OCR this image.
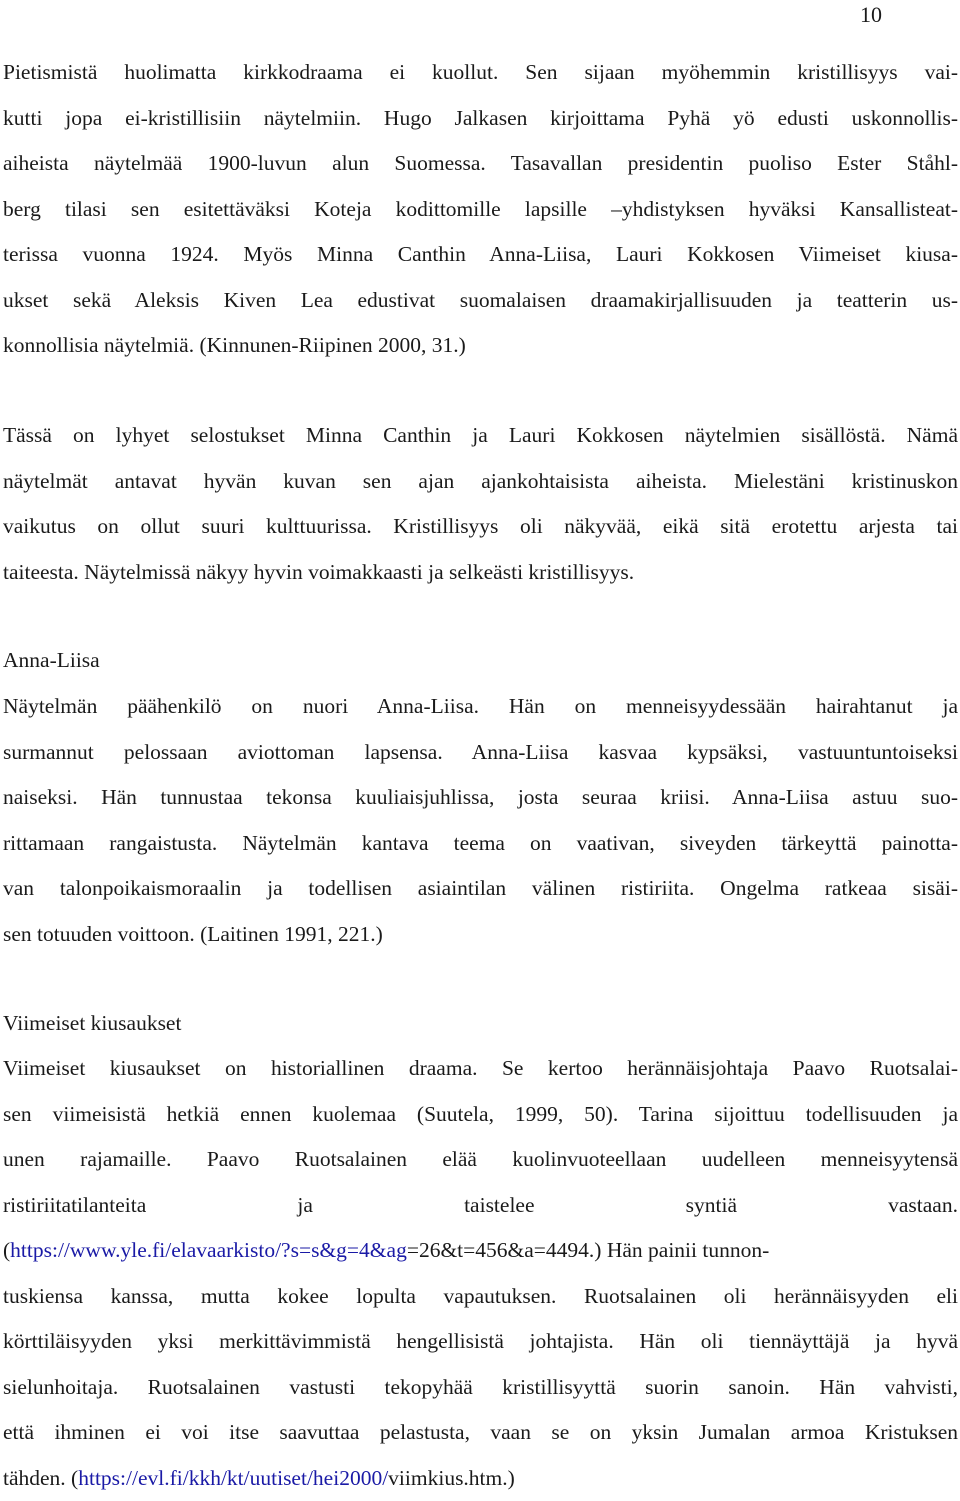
10
Pietismistä huolimatta kirkkodraama ei kuollut. Sen sijaan myöhemmin kristillisyys vai-
kutti jopa ei-kristillisiin näytelmiin. Hugo Jalkasen kirjoittama Pyhä yö edusti uskonnollis-
aiheista näytelmää 1900-luvun alun Suomessa. Tasavallan presidentin puoliso Ester Ståhl-
berg tilasi sen esitettäväksi Koteja kodittomille lapsille –yhdistyksen hyväksi Kansallisteat-
terissa vuonna 1924. Myös Minna Canthin Anna-Liisa, Lauri Kokkosen Viimeiset kiusa-
ukset sekä Aleksis Kiven Lea edustivat suomalaisen draamakirjallisuuden ja teatterin us-
konnollisia näytelmiä. (Kinnunen-Riipinen 2000, 31.)
Tässä on lyhyet selostukset Minna Canthin ja Lauri Kokkosen näytelmien sisällöstä. Nämä
näytelmät antavat hyvän kuvan sen ajan ajankohtaisista aiheista. Mielestäni kristinuskon
vaikutus on ollut suuri kulttuurissa. Kristillisyys oli näkyvää, eikä sitä erotettu arjesta tai
taiteesta. Näytelmissä näkyy hyvin voimakkaasti ja selkeästi kristillisyys.
Anna-Liisa
Näytelmän päähenkilö on nuori Anna-Liisa. Hän on menneisyydessään hairahtanut ja
surmannut pelossaan aviottoman lapsensa. Anna-Liisa kasvaa kypsäksi, vastuuntuntoiseksi
naiseksi. Hän tunnustaa tekonsa kuuliaisjuhlissa, josta seuraa kriisi. Anna-Liisa astuu suo-
rittamaan rangaistusta. Näytelmän kantava teema on vaativan, siveyden tärkeyttä painotta-
van talonpoikaismoraalin ja todellisen asiaintilan välinen ristiriita. Ongelma ratkeaa sisäi-
sen totuuden voittoon. (Laitinen 1991, 221.)
Viimeiset kiusaukset
Viimeiset kiusaukset on historiallinen draama. Se kertoo herännäisjohtaja Paavo Ruotsalai-
sen viimeisistä hetkiä ennen kuolemaa (Suutela, 1999, 50). Tarina sijoittuu todellisuuden ja
unen rajamaille. Paavo Ruotsalainen elää kuolinvuoteellaan uudelleen menneisyytensä
ristiriitatilanteita	ja	taistelee	syntiä	vastaan.
(https://www.yle.fi/elavaarkisto/?s=s&g=4&ag=26&t=456&a=4494.) Hän painii tunnon-
tuskiensa kanssa, mutta kokee lopulta vapautuksen. Ruotsalainen oli herännäisyyden eli
körttiläisyyden yksi merkittävimmistä hengellisistä johtajista. Hän oli tiennäyttäjä ja hyvä
sielunhoitaja. Ruotsalainen vastusti tekopyhää kristillisyyttä suorin sanoin. Hän vahvisti,
että ihminen ei voi itse saavuttaa pelastusta, vaan se on yksin Jumalan armoa Kristuksen
tähden. (https://evl.fi/kkh/kt/uutiset/hei2000/viimkius.htm.)
